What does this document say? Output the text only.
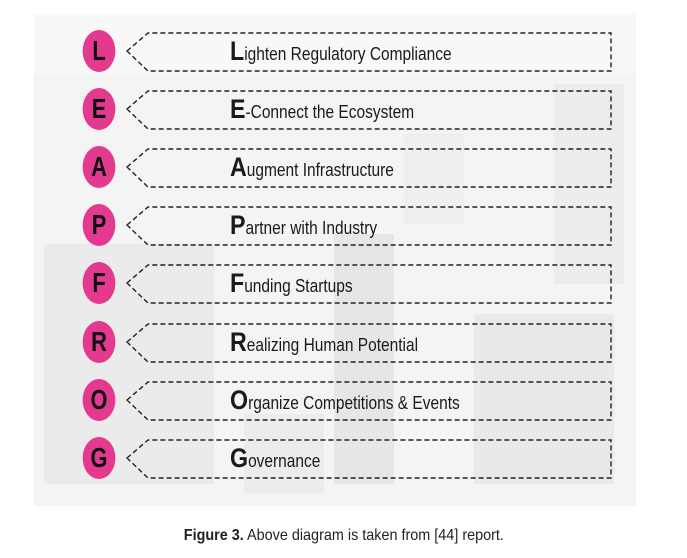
L	Lighten Regulatory Compliance
E	E-Connect the Ecosystem
A	Augment Infrastructure
P	Partner with Industry
F	Funding Startups
R	Realizing Human Potential
O	Organize Competitions & Events
G	Governance
Figure 3. Above diagram is taken from [44] report.
